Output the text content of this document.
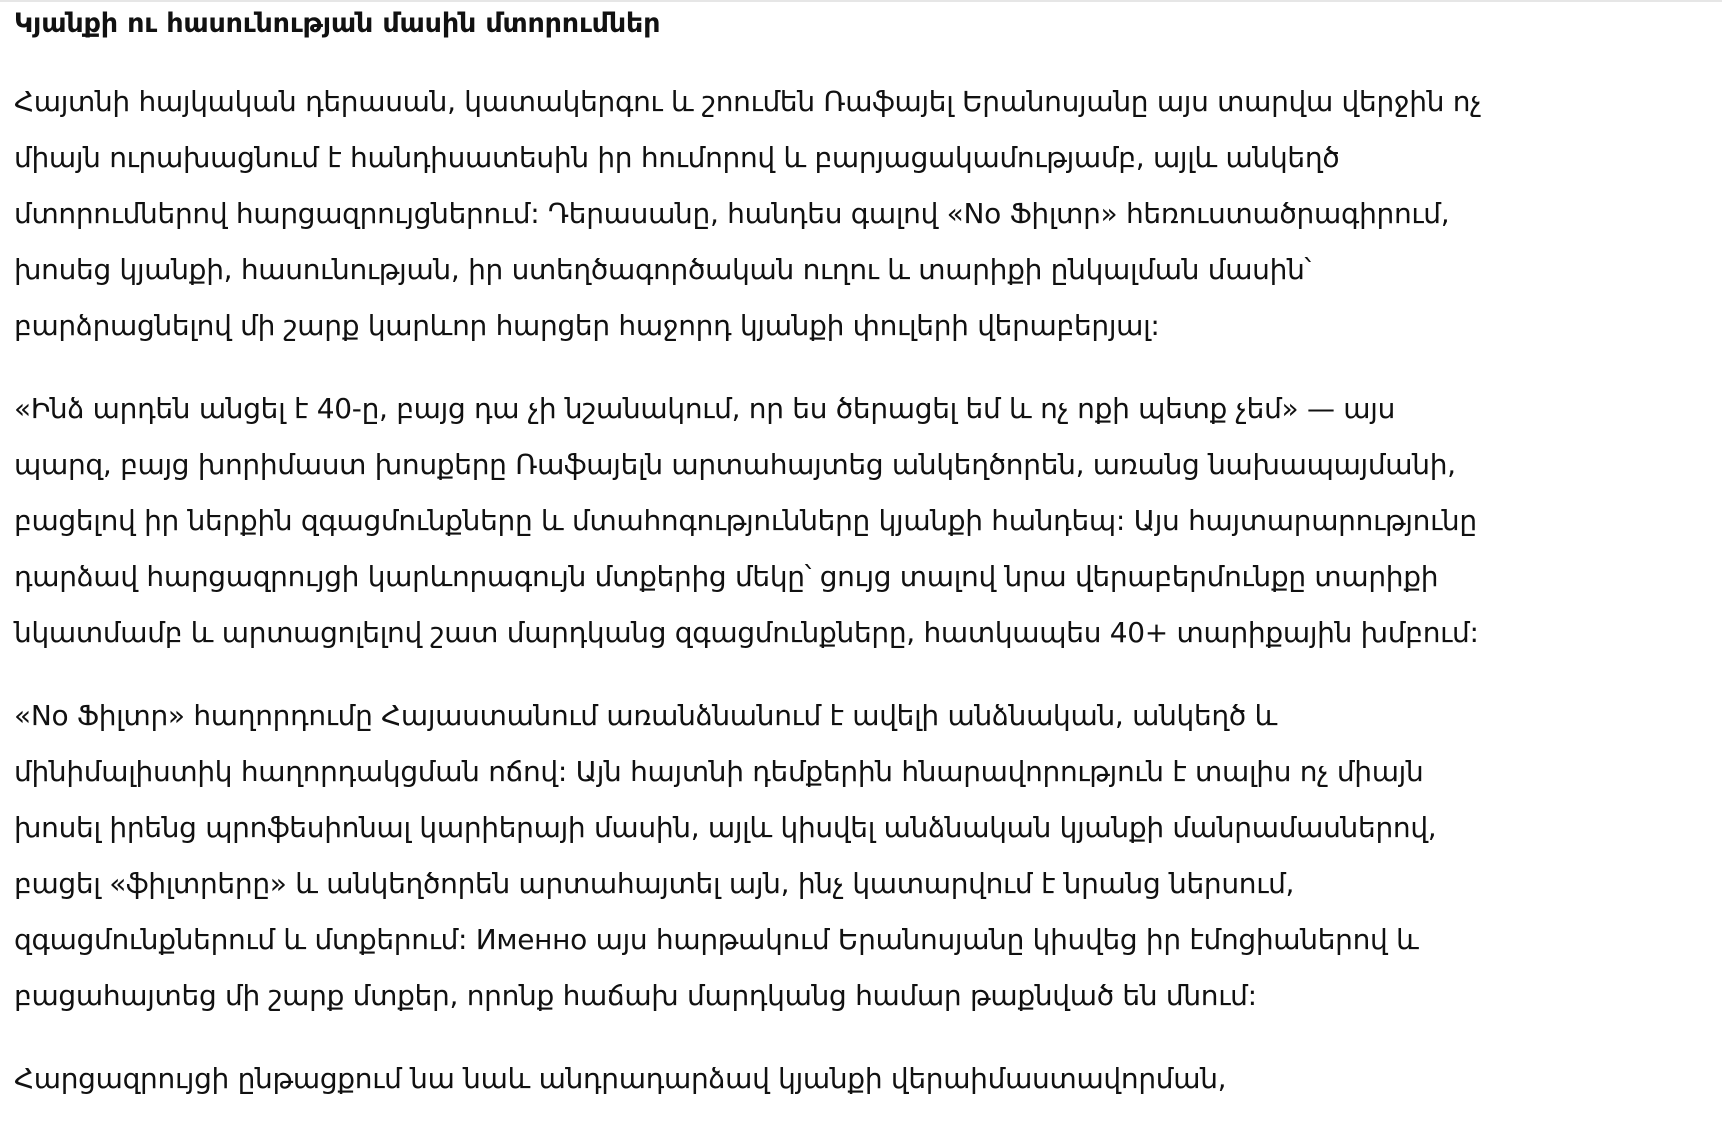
Կյանքի ու հասունության մասին մտորումներ

Հայտնի հայկական դերասան, կատակերգու և շոումեն Ռաֆայել Երանոսյանը այս տարվա վերջին ոչ
միայն ուրախացնում է հանդիսատեսին իր հումորով և բարյացակամությամբ, այլև անկեղծ
մտորումներով հարցազրույցներում: Դերասանը, հանդես գալով «No Ֆիլտր» հեռուստածրագիրում,
խոսեց կյանքի, հասունության, իր ստեղծագործական ուղու և տարիքի ընկալման մասին՝
բարձրացնելով մի շարք կարևոր հարցեր հաջորդ կյանքի փուլերի վերաբերյալ:

«Ինձ արդեն անցել է 40-ը, բայց դա չի նշանակում, որ ես ծերացել եմ և ոչ ոքի պետք չեմ» — այս
պարզ, բայց խորիմաստ խոսքերը Ռաֆայելն արտահայտեց անկեղծորեն, առանց նախապայմանի,
բացելով իր ներքին զգացմունքները և մտահոգությունները կյանքի հանդեպ: Այս հայտարարությունը
դարձավ հարցազրույցի կարևորագույն մտքերից մեկը՝ ցույց տալով նրա վերաբերմունքը տարիքի
նկատմամբ և արտացոլելով շատ մարդկանց զգացմունքները, հատկապես 40+ տարիքային խմբում:

«No Ֆիլտր» հաղորդումը Հայաստանում առանձնանում է ավելի անձնական, անկեղծ և
մինիմալիստիկ հաղորդակցման ոճով: Այն հայտնի դեմքերին հնարավորություն է տալիս ոչ միայն
խոսել իրենց պրոֆեսիոնալ կարիերայի մասին, այլև կիսվել անձնական կյանքի մանրամասներով,
բացել «ֆիլտրերը» և անկեղծորեն արտահայտել այն, ինչ կատարվում է նրանց ներսում,
զգացմունքներում և մտքերում: Именно այս հարթակում Երանոսյանը կիսվեց իր էմոցիաներով և
բացահայտեց մի շարք մտքեր, որոնք հաճախ մարդկանց համար թաքնված են մնում:

Հարցազրույցի ընթացքում նա նաև անդրադարձավ կյանքի վերաիմաստավորման,
